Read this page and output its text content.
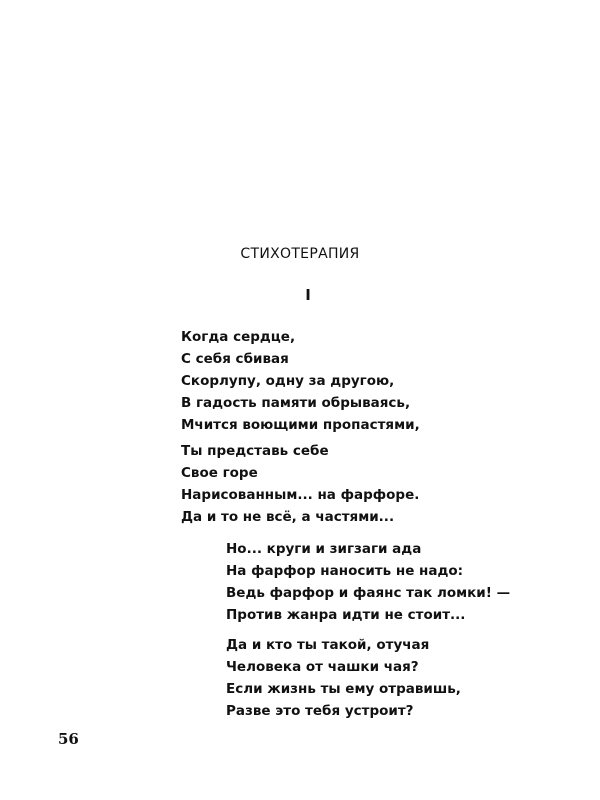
СТИХОТЕРАПИЯ
I
Когда сердце,
С себя сбивая
Скорлупу, одну за другою,
В гадость памяти обрываясь,
Мчится воющими пропастями,
Ты представь себе
Свое горе
Нарисованным... на фарфоре.
Да и то не всё, а частями...
Но... круги и зигзаги ада
На фарфор наносить не надо:
Ведь фарфор и фаянс так ломки! —
Против жанра идти не стоит...
Да и кто ты такой, отучая
Человека от чашки чая?
Если жизнь ты ему отравишь,
Разве это тебя устроит?
56
